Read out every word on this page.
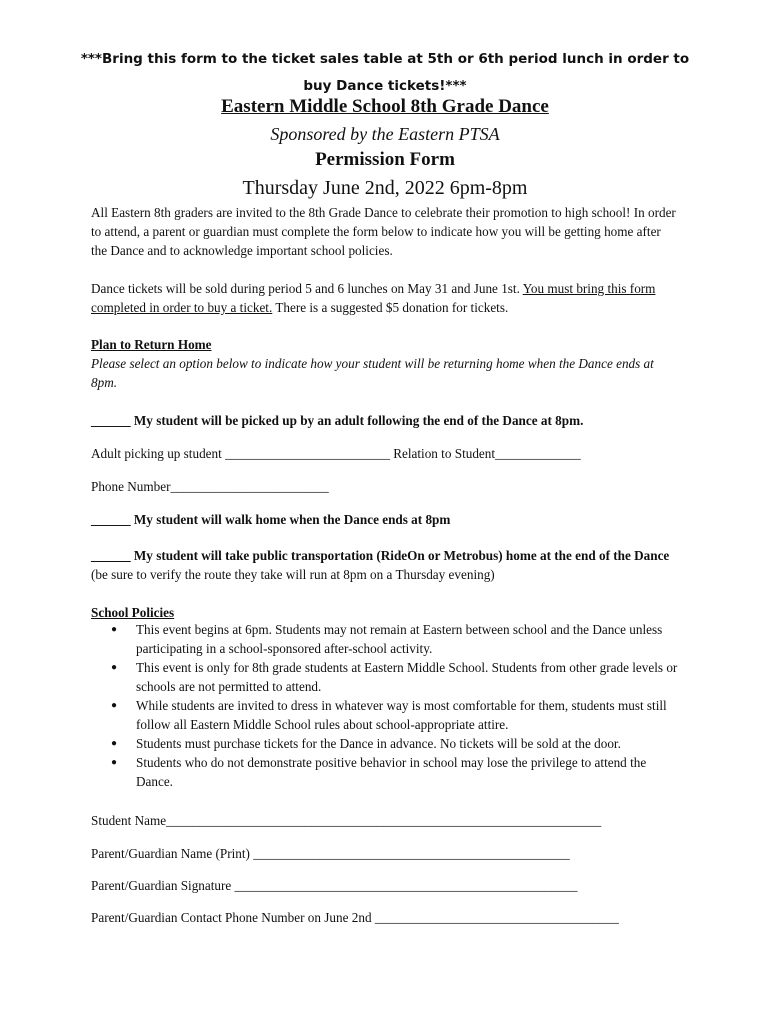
***Bring this form to the ticket sales table at 5th or 6th period lunch in order to
buy Dance tickets!***
Eastern Middle School 8th Grade Dance
Sponsored by the Eastern PTSA
Permission Form
Thursday June 2nd, 2022 6pm-8pm
All Eastern 8th graders are invited to the 8th Grade Dance to celebrate their promotion to high school! In order to attend, a parent or guardian must complete the form below to indicate how you will be getting home after the Dance and to acknowledge important school policies.
Dance tickets will be sold during period 5 and 6 lunches on May 31 and June 1st. You must bring this form completed in order to buy a ticket. There is a suggested $5 donation for tickets.
Plan to Return Home
Please select an option below to indicate how your student will be returning home when the Dance ends at 8pm.
______ My student will be picked up by an adult following the end of the Dance at 8pm.
Adult picking up student _________________________ Relation to Student_____________
Phone Number________________________
______ My student will walk home when the Dance ends at 8pm
______ My student will take public transportation (RideOn or Metrobus) home at the end of the Dance (be sure to verify the route they take will run at 8pm on a Thursday evening)
School Policies
● This event begins at 6pm. Students may not remain at Eastern between school and the Dance unless participating in a school-sponsored after-school activity.
● This event is only for 8th grade students at Eastern Middle School. Students from other grade levels or schools are not permitted to attend.
● While students are invited to dress in whatever way is most comfortable for them, students must still follow all Eastern Middle School rules about school-appropriate attire.
● Students must purchase tickets for the Dance in advance. No tickets will be sold at the door.
● Students who do not demonstrate positive behavior in school may lose the privilege to attend the Dance.
Student Name__________________________________________________________________
Parent/Guardian Name (Print) ________________________________________________
Parent/Guardian Signature ____________________________________________________
Parent/Guardian Contact Phone Number on June 2nd _____________________________________
